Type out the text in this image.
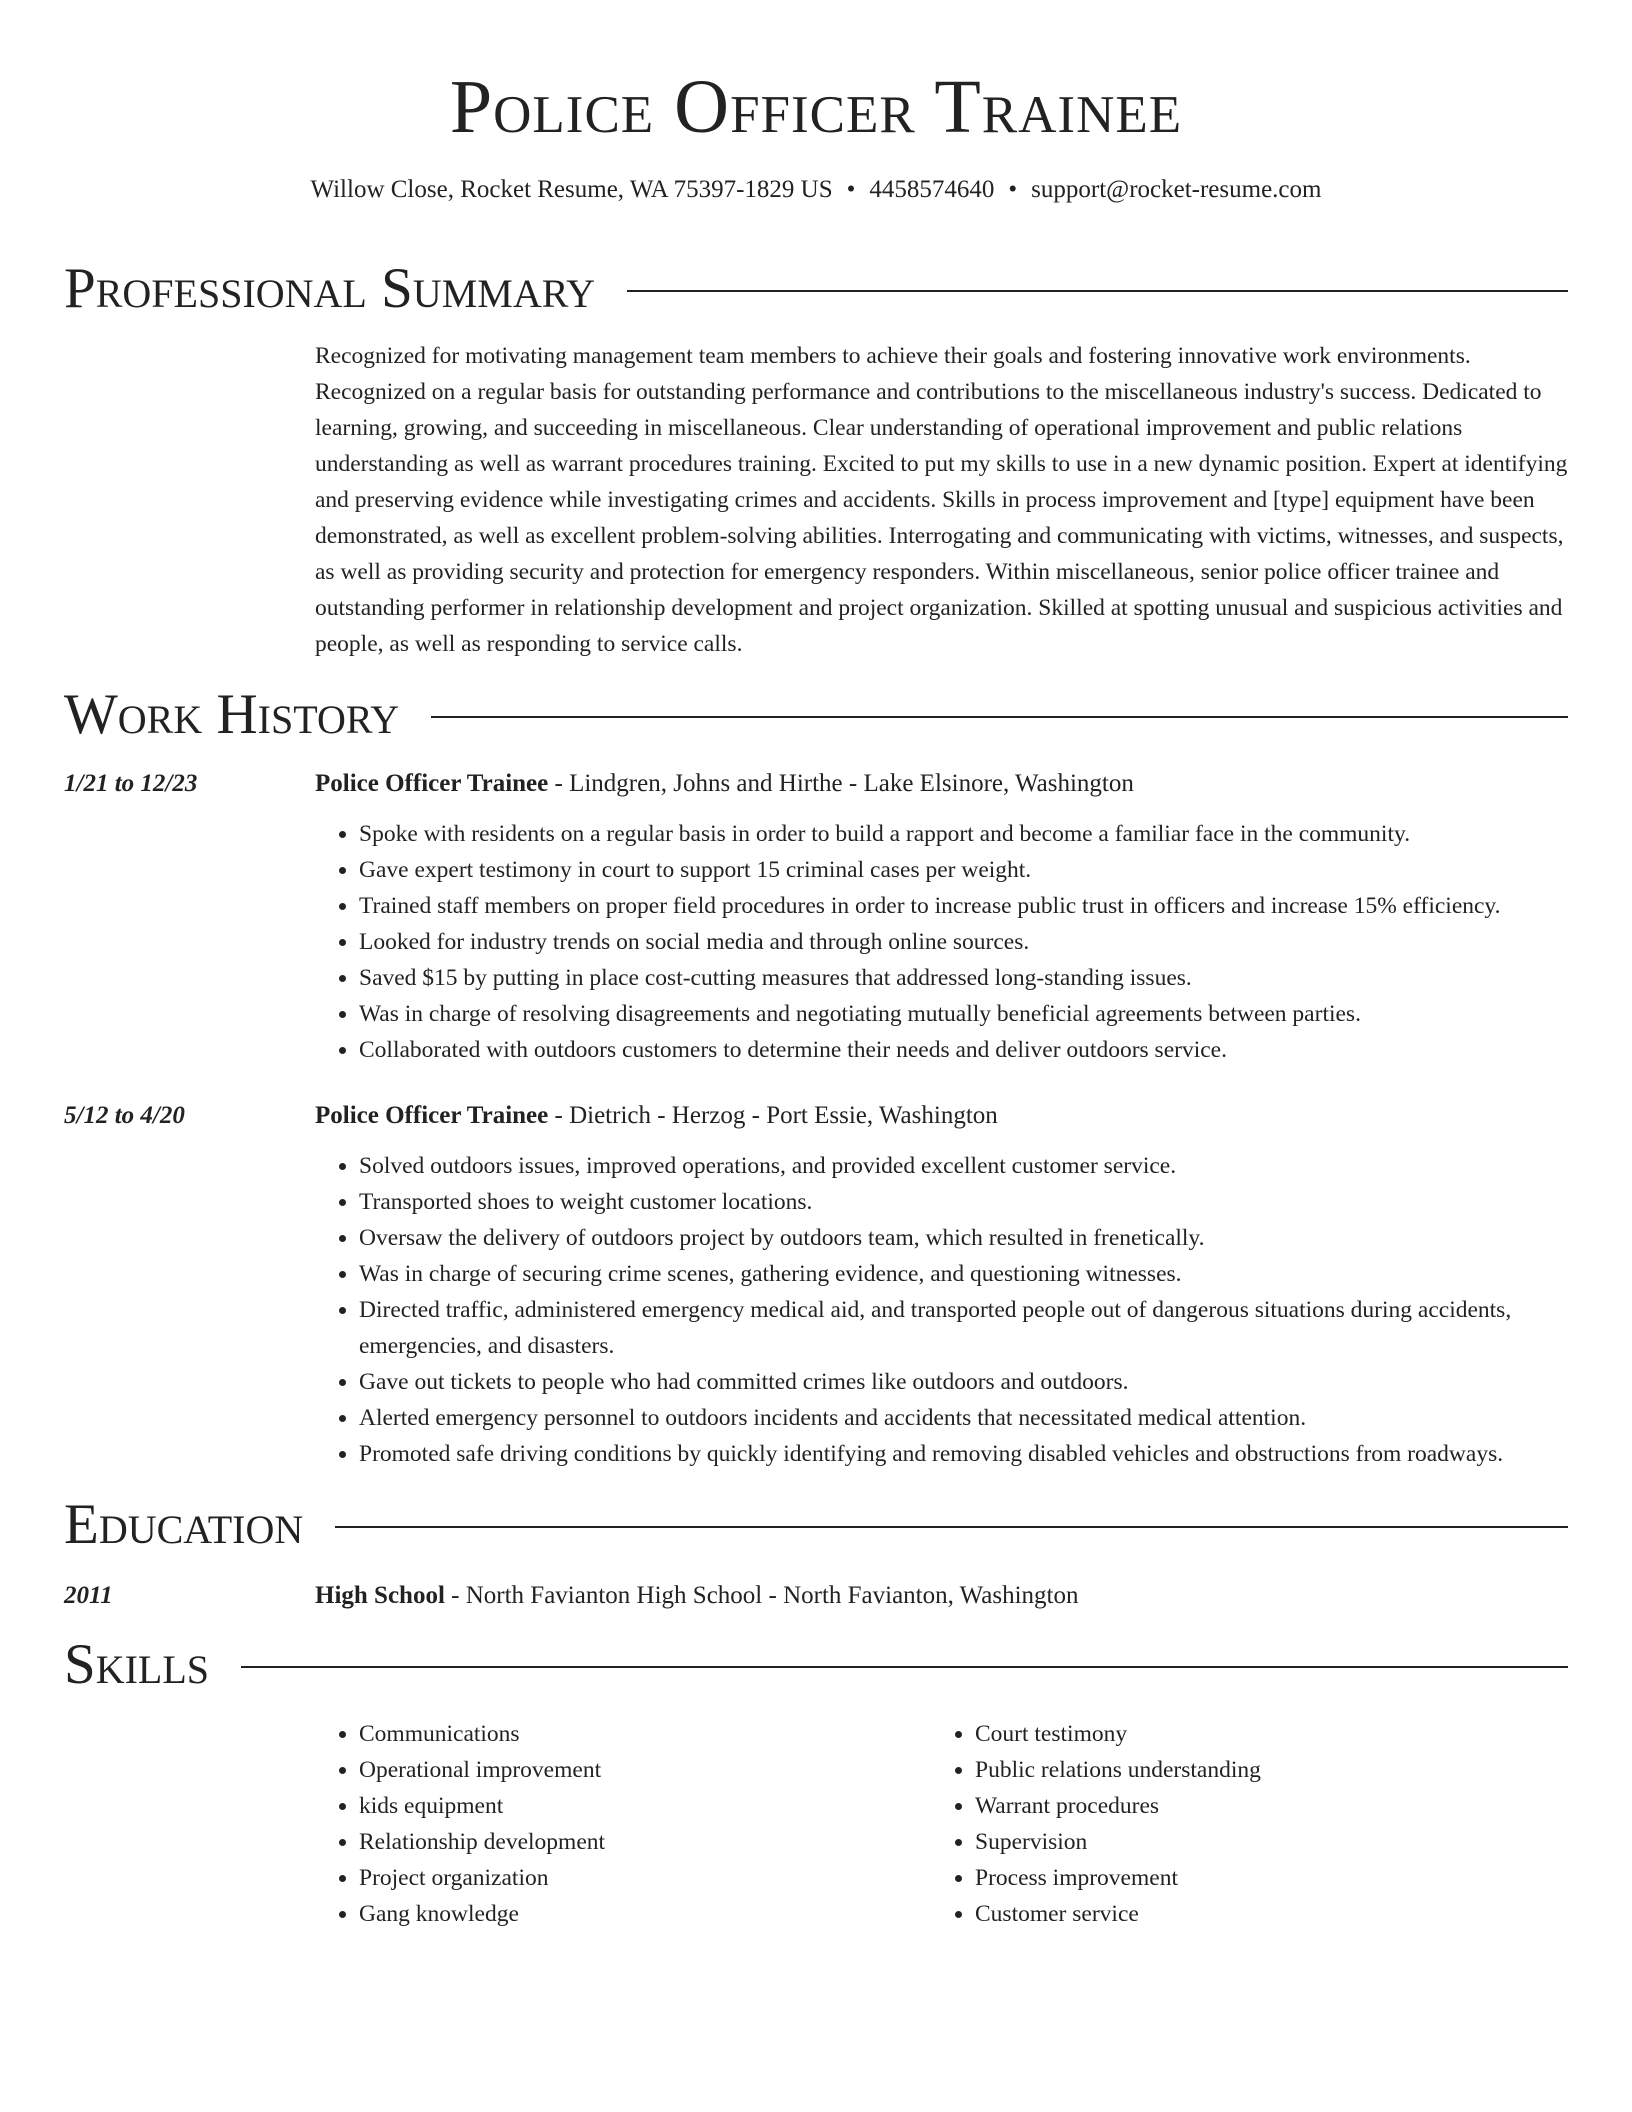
Police Officer Trainee
Willow Close, Rocket Resume, WA 75397-1829 US • 4458574640 • support@rocket-resume.com
Professional Summary

Recognized for motivating management team members to achieve their goals and fostering innovative work environments. Recognized on a regular basis for outstanding performance and contributions to the miscellaneous industry's success. Dedicated to learning, growing, and succeeding in miscellaneous. Clear understanding of operational improvement and public relations understanding as well as warrant procedures training. Excited to put my skills to use in a new dynamic position. Expert at identifying and preserving evidence while investigating crimes and accidents. Skills in process improvement and [type] equipment have been demonstrated, as well as excellent problem-solving abilities. Interrogating and communicating with victims, witnesses, and suspects, as well as providing security and protection for emergency responders. Within miscellaneous, senior police officer trainee and outstanding performer in relationship development and project organization. Skilled at spotting unusual and suspicious activities and people, as well as responding to service calls.

Work History
1/21 to 12/23	Police Officer Trainee - Lindgren, Johns and Hirthe - Lake Elsinore, Washington
• Spoke with residents on a regular basis in order to build a rapport and become a familiar face in the community.
• Gave expert testimony in court to support 15 criminal cases per weight.
• Trained staff members on proper field procedures in order to increase public trust in officers and increase 15% efficiency.
• Looked for industry trends on social media and through online sources.
• Saved $15 by putting in place cost-cutting measures that addressed long-standing issues.
• Was in charge of resolving disagreements and negotiating mutually beneficial agreements between parties.
• Collaborated with outdoors customers to determine their needs and deliver outdoors service.
5/12 to 4/20	Police Officer Trainee - Dietrich - Herzog - Port Essie, Washington
• Solved outdoors issues, improved operations, and provided excellent customer service.
• Transported shoes to weight customer locations.
• Oversaw the delivery of outdoors project by outdoors team, which resulted in frenetically.
• Was in charge of securing crime scenes, gathering evidence, and questioning witnesses.
• Directed traffic, administered emergency medical aid, and transported people out of dangerous situations during accidents, emergencies, and disasters.
• Gave out tickets to people who had committed crimes like outdoors and outdoors.
• Alerted emergency personnel to outdoors incidents and accidents that necessitated medical attention.
• Promoted safe driving conditions by quickly identifying and removing disabled vehicles and obstructions from roadways.
Education
2011	High School - North Favianton High School - North Favianton, Washington
Skills
• Communications
• Operational improvement
• kids equipment
• Relationship development
• Project organization
• Gang knowledge
• Court testimony
• Public relations understanding
• Warrant procedures
• Supervision
• Process improvement
• Customer service
